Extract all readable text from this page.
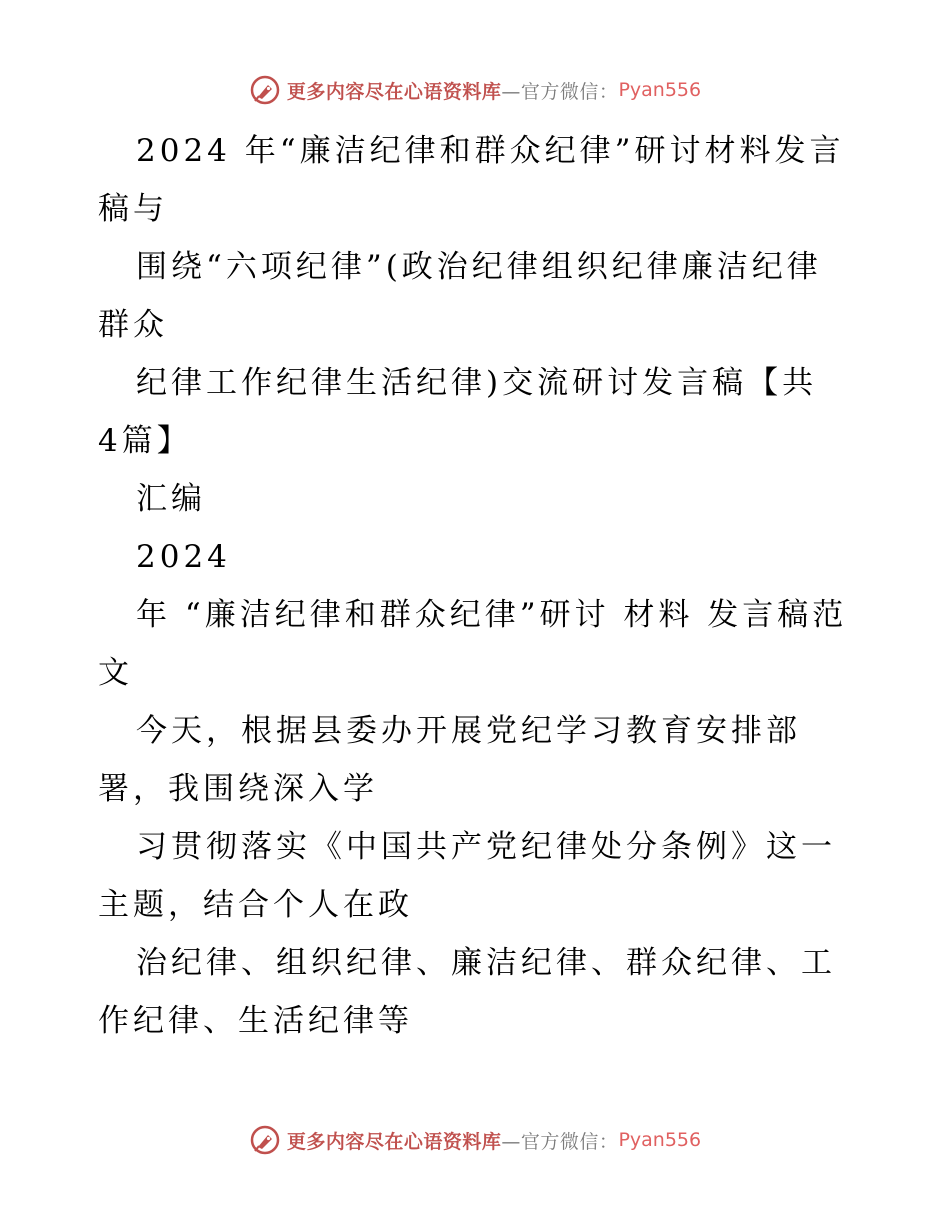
更多内容尽在心语资料库 —官方微信： Pyan556

2024 年“廉洁纪律和群众纪律”研讨材料发言稿与

围绕“六项纪律”(政治纪律组织纪律廉洁纪律群众

纪律工作纪律生活纪律)交流研讨发言稿【共 4篇】

汇编

2024

年 “廉洁纪律和群众纪律”研讨 材料 发言稿范文

今天，根据县委办开展党纪学习教育安排部署，我围绕深入学

习贯彻落实《中国共产党纪律处分条例》这一主题，结合个人在政

治纪律、组织纪律、廉洁纪律、群众纪律、工作纪律、生活纪律等

更多内容尽在心语资料库 —官方微信： Pyan556
